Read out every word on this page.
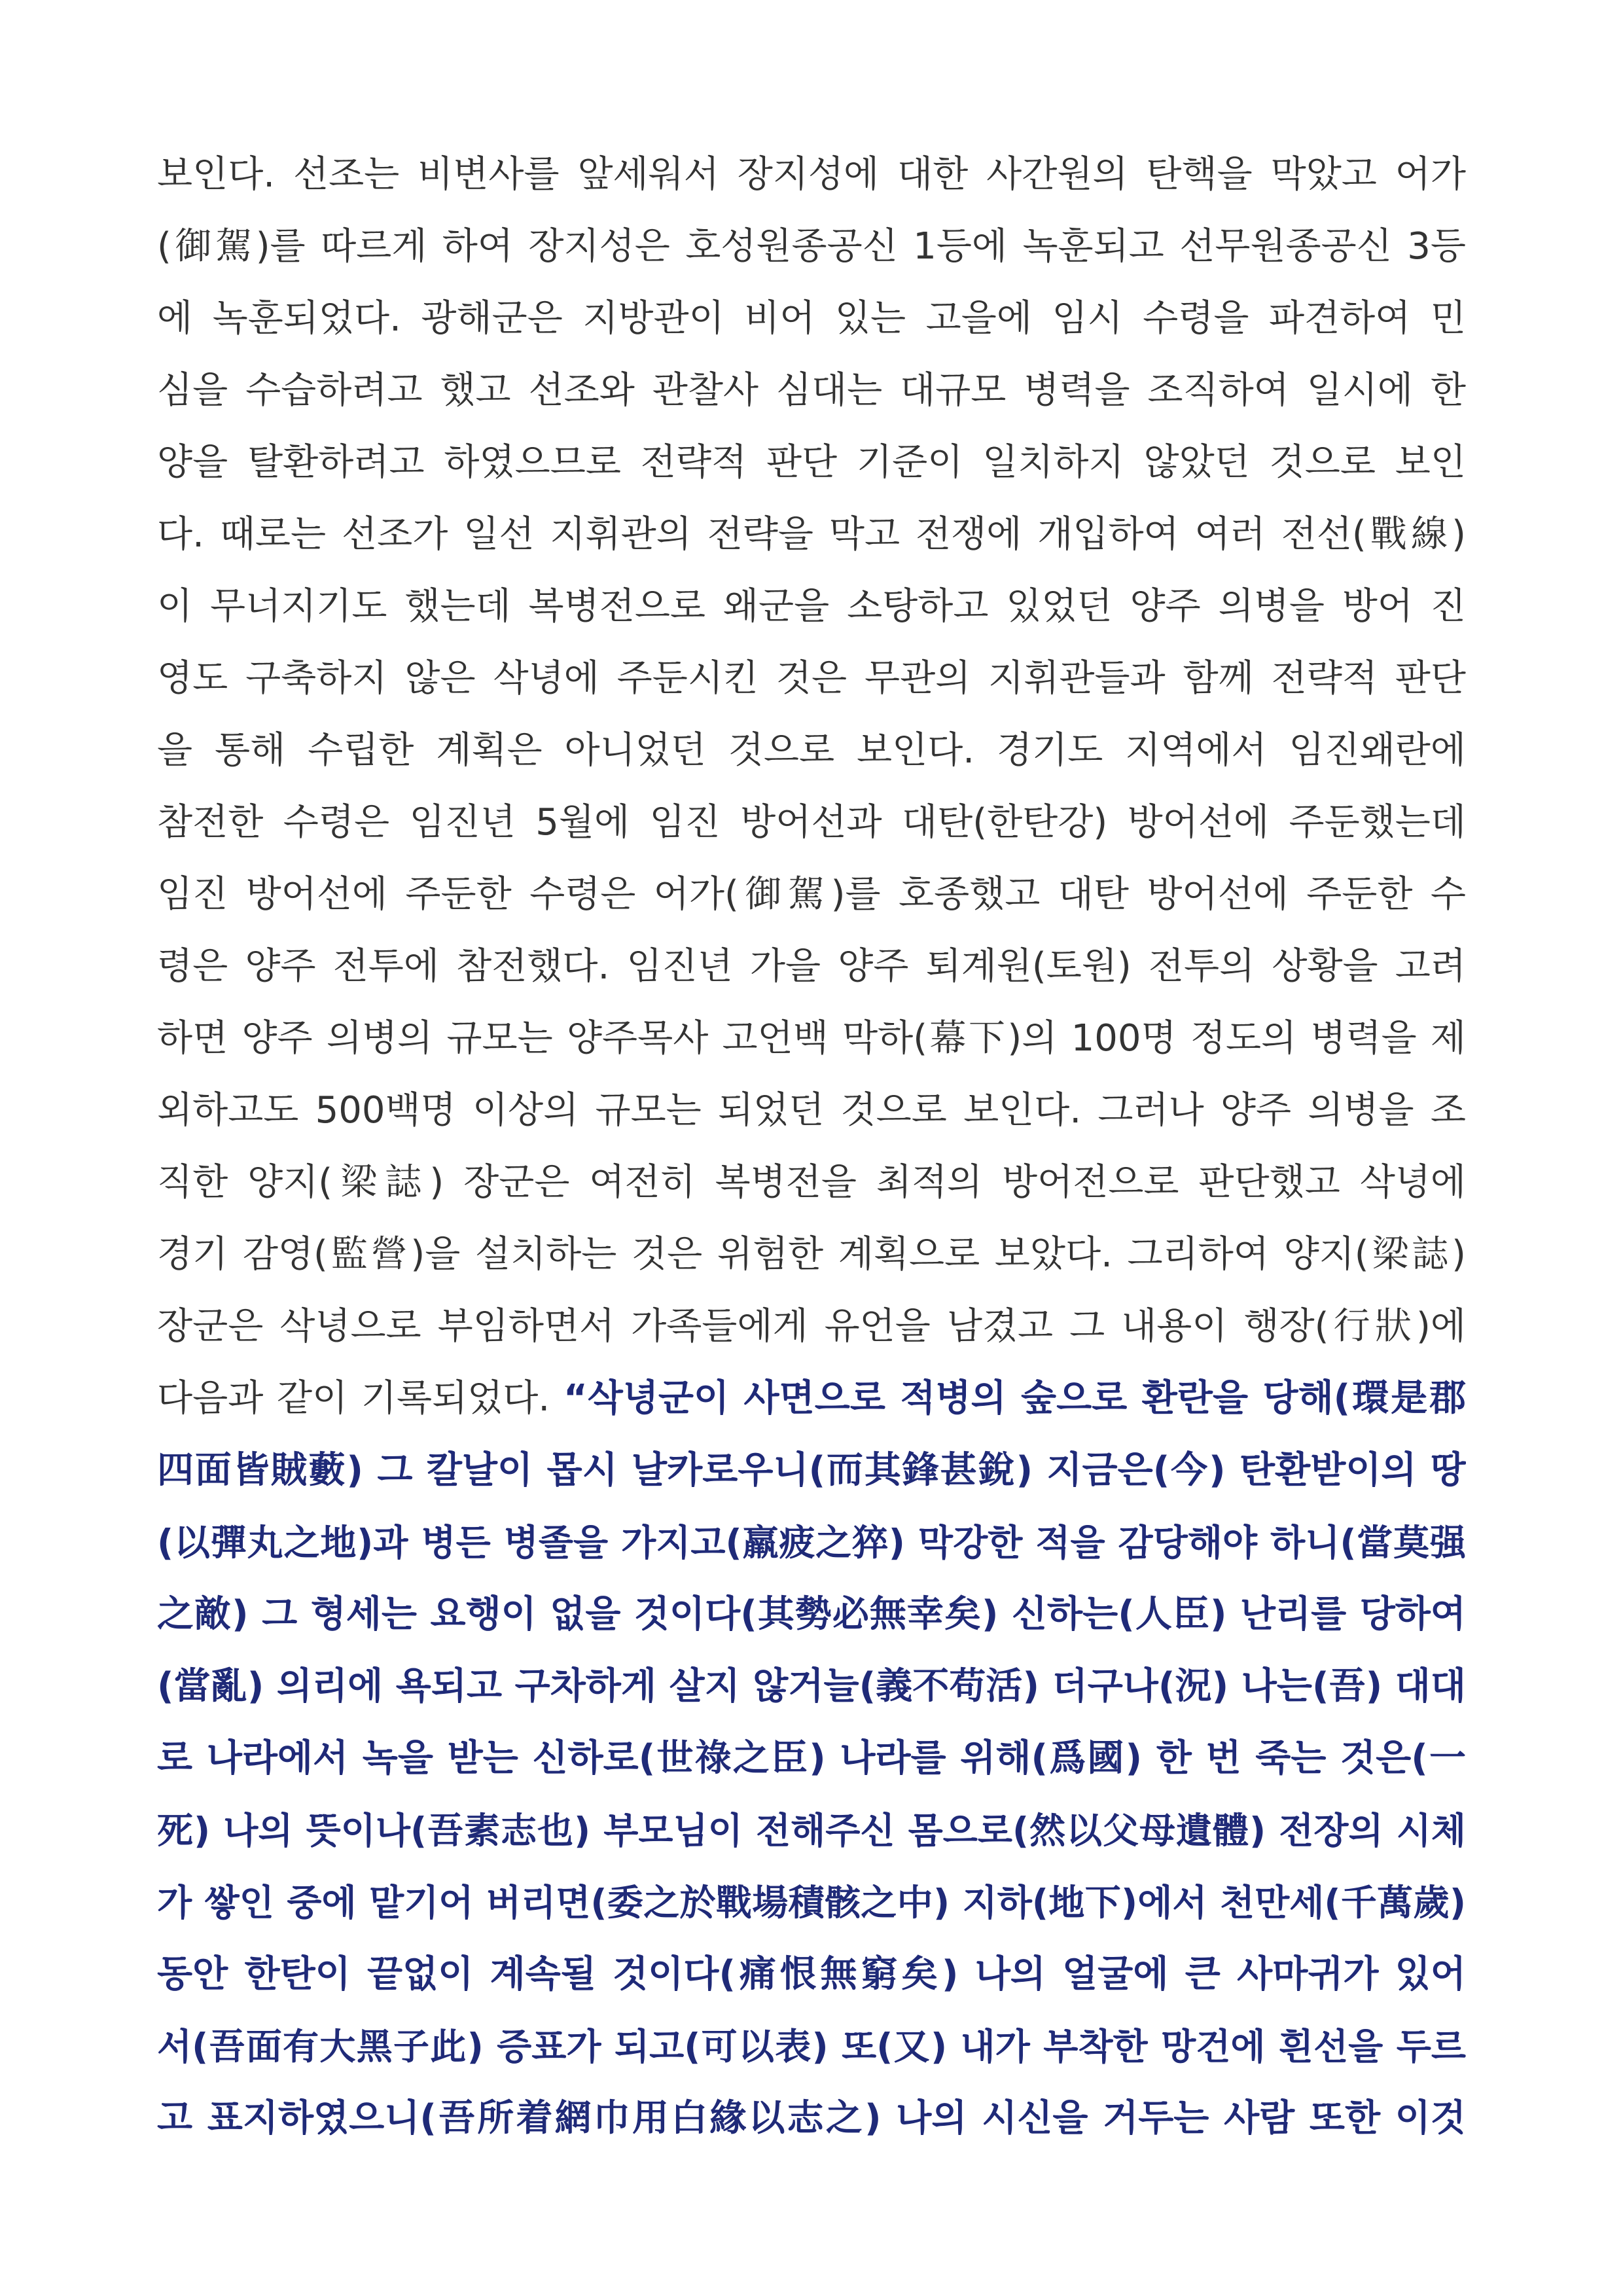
보인다. 선조는 비변사를 앞세워서 장지성에 대한 사간원의 탄핵을 막았고 어가
(御駕)를 따르게 하여 장지성은 호성원종공신 1등에 녹훈되고 선무원종공신 3등
에 녹훈되었다. 광해군은 지방관이 비어 있는 고을에 임시 수령을 파견하여 민
심을 수습하려고 했고 선조와 관찰사 심대는 대규모 병력을 조직하여 일시에 한
양을 탈환하려고 하였으므로 전략적 판단 기준이 일치하지 않았던 것으로 보인
다. 때로는 선조가 일선 지휘관의 전략을 막고 전쟁에 개입하여 여러 전선(戰線)
이 무너지기도 했는데 복병전으로 왜군을 소탕하고 있었던 양주 의병을 방어 진
영도 구축하지 않은 삭녕에 주둔시킨 것은 무관의 지휘관들과 함께 전략적 판단
을 통해 수립한 계획은 아니었던 것으로 보인다. 경기도 지역에서 임진왜란에
참전한 수령은 임진년 5월에 임진 방어선과 대탄(한탄강) 방어선에 주둔했는데
임진 방어선에 주둔한 수령은 어가(御駕)를 호종했고 대탄 방어선에 주둔한 수
령은 양주 전투에 참전했다. 임진년 가을 양주 퇴계원(토원) 전투의 상황을 고려
하면 양주 의병의 규모는 양주목사 고언백 막하(幕下)의 100명 정도의 병력을 제
외하고도 500백명 이상의 규모는 되었던 것으로 보인다. 그러나 양주 의병을 조
직한 양지(梁誌) 장군은 여전히 복병전을 최적의 방어전으로 판단했고 삭녕에
경기 감영(監營)을 설치하는 것은 위험한 계획으로 보았다. 그리하여 양지(梁誌)
장군은 삭녕으로 부임하면서 가족들에게 유언을 남겼고 그 내용이 행장(行狀)에
다음과 같이 기록되었다. “삭녕군이 사면으로 적병의 숲으로 환란을 당해(環是郡
四面皆賊藪) 그 칼날이 몹시 날카로우니(而其鋒甚銳) 지금은(今) 탄환받이의 땅
(以彈丸之地)과 병든 병졸을 가지고(羸疲之猝) 막강한 적을 감당해야 하니(當莫强
之敵) 그 형세는 요행이 없을 것이다(其勢必無幸矣) 신하는(人臣) 난리를 당하여
(當亂) 의리에 욕되고 구차하게 살지 않거늘(義不苟活) 더구나(況) 나는(吾) 대대
로 나라에서 녹을 받는 신하로(世祿之臣) 나라를 위해(爲國) 한 번 죽는 것은(一
死) 나의 뜻이나(吾素志也) 부모님이 전해주신 몸으로(然以父母遺體) 전장의 시체
가 쌓인 중에 맡기어 버리면(委之於戰場積骸之中) 지하(地下)에서 천만세(千萬歲)
동안 한탄이 끝없이 계속될 것이다(痛恨無窮矣) 나의 얼굴에 큰 사마귀가 있어
서(吾面有大黑子此) 증표가 되고(可以表) 또(又) 내가 부착한 망건에 흰선을 두르
고 표지하였으니(吾所着網巾用白緣以志之) 나의 시신을 거두는 사람 또한 이것
